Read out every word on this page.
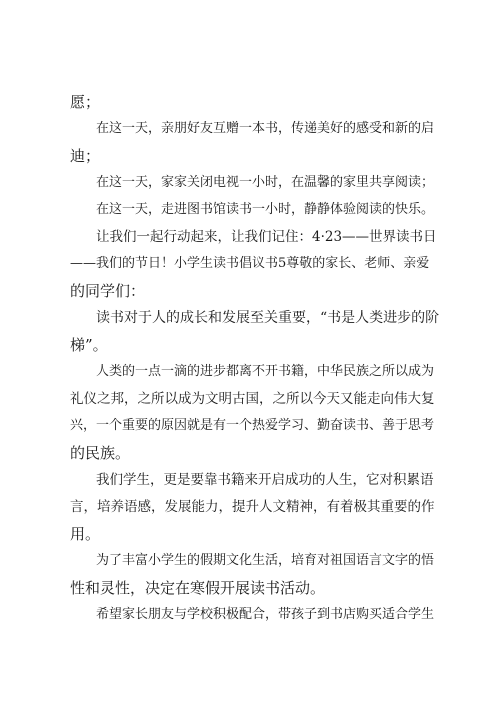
愿；
在这一天，亲朋好友互赠一本书，传递美好的感受和新的启
迪；
在这一天，家家关闭电视一小时，在温馨的家里共享阅读；
在这一天，走进图书馆读书一小时，静静体验阅读的快乐。
让我们一起行动起来，让我们记住：4·23——世界读书日
——我们的节日！小学生读书倡议书5尊敬的家长、老师、亲爱
的同学们：
读书对于人的成长和发展至关重要，“书是人类进步的阶
梯”。
人类的一点一滴的进步都离不开书籍，中华民族之所以成为
礼仪之邦，之所以成为文明古国，之所以今天又能走向伟大复
兴，一个重要的原因就是有一个热爱学习、勤奋读书、善于思考
的民族。
我们学生，更是要靠书籍来开启成功的人生，它对积累语
言，培养语感，发展能力，提升人文精神，有着极其重要的作
用。
为了丰富小学生的假期文化生活，培育对祖国语言文字的悟
性和灵性，决定在寒假开展读书活动。
希望家长朋友与学校积极配合，带孩子到书店购买适合学生
